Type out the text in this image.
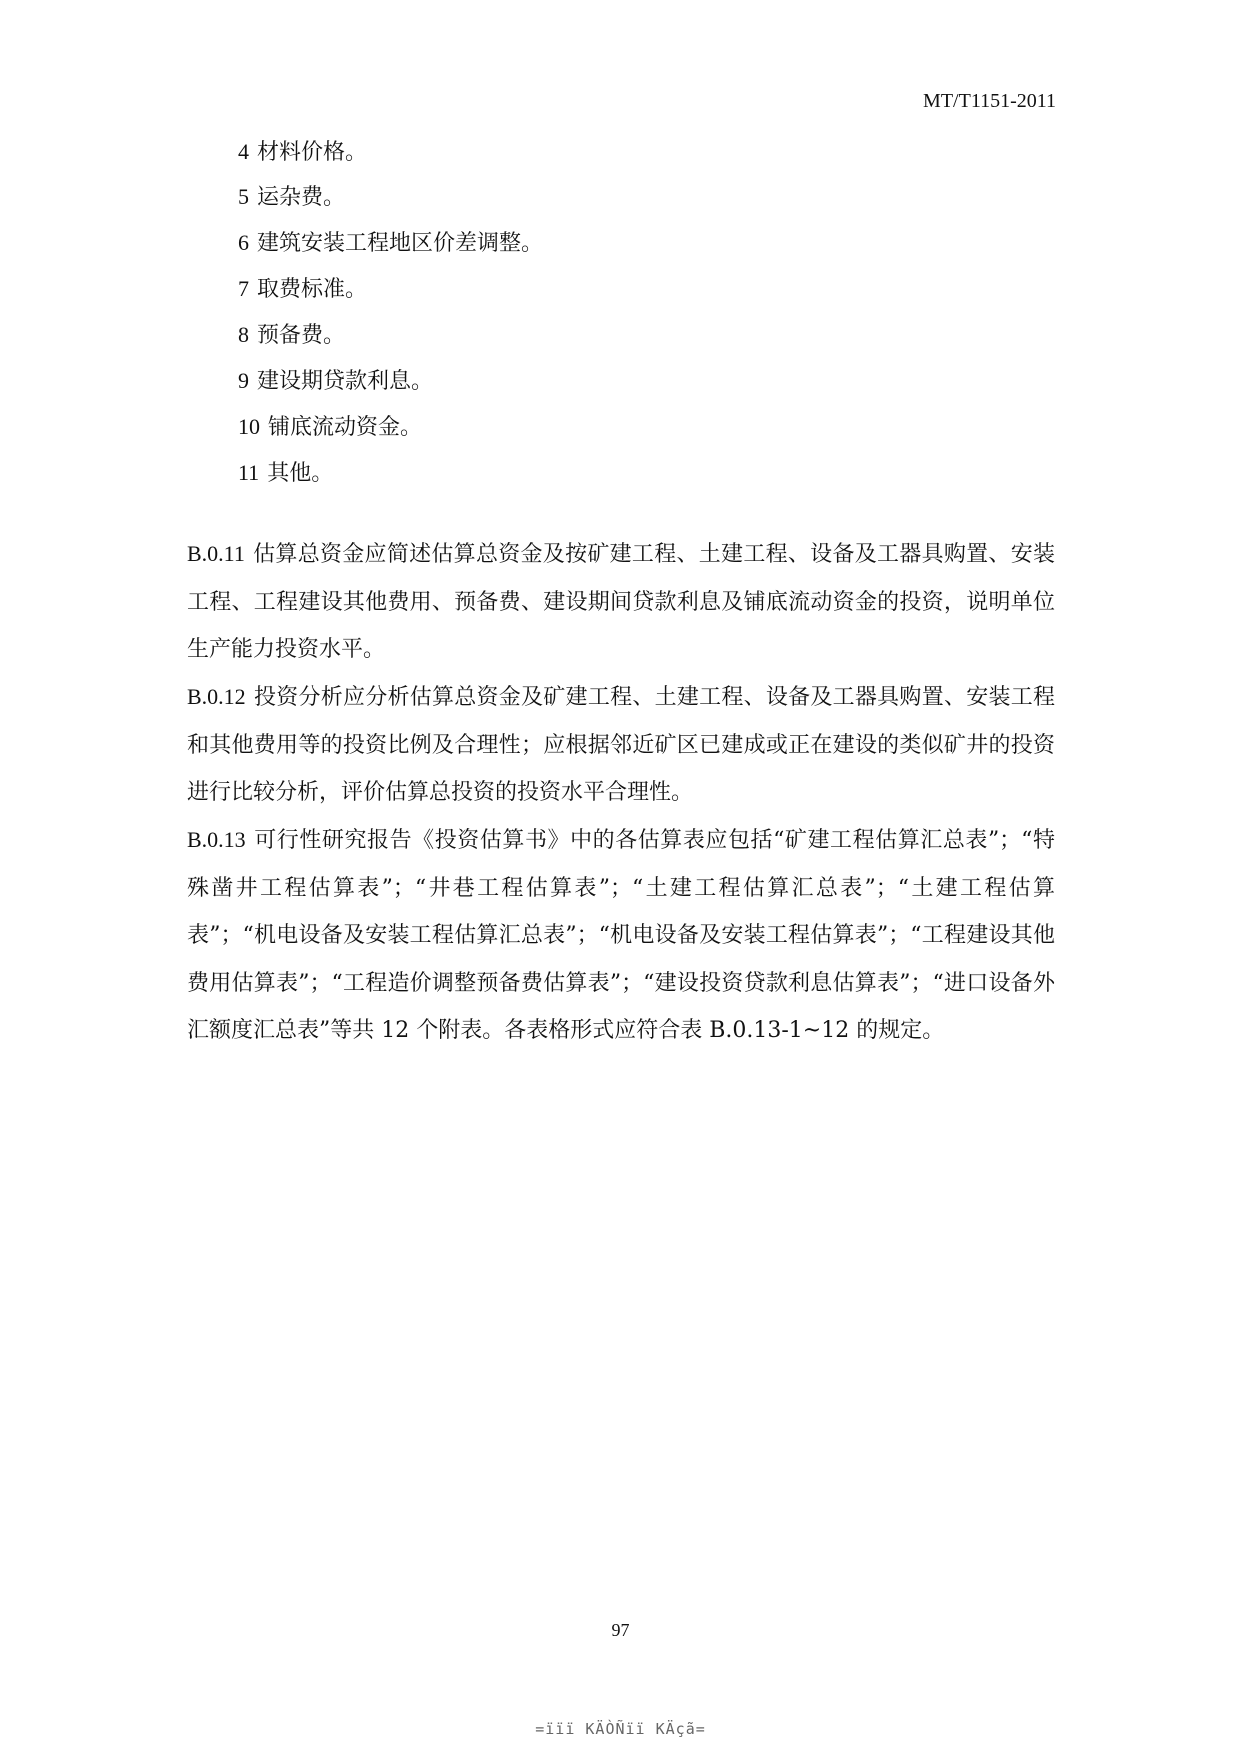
MT/T1151-2011
4 材料价格。
5 运杂费。
6 建筑安装工程地区价差调整。
7 取费标准。
8 预备费。
9 建设期贷款利息。
10 铺底流动资金。
11 其他。
B.0.11 估算总资金应简述估算总资金及按矿建工程、土建工程、设备及工器具购置、安装工程、工程建设其他费用、预备费、建设期间贷款利息及铺底流动资金的投资，说明单位生产能力投资水平。
B.0.12 投资分析应分析估算总资金及矿建工程、土建工程、设备及工器具购置、安装工程和其他费用等的投资比例及合理性；应根据邻近矿区已建成或正在建设的类似矿井的投资进行比较分析，评价估算总投资的投资水平合理性。
B.0.13 可行性研究报告《投资估算书》中的各估算表应包括“矿建工程估算汇总表”；“特殊凿井工程估算表”；“井巷工程估算表”；“土建工程估算汇总表”；“土建工程估算表”；“机电设备及安装工程估算汇总表”；“机电设备及安装工程估算表”；“工程建设其他费用估算表”；“工程造价调整预备费估算表”；“建设投资贷款利息估算表”；“进口设备外汇额度汇总表”等共 12 个附表。各表格形式应符合表 B.0.13-1~12 的规定。
97
=ïïï KÄÒÑïï KÄçã=
